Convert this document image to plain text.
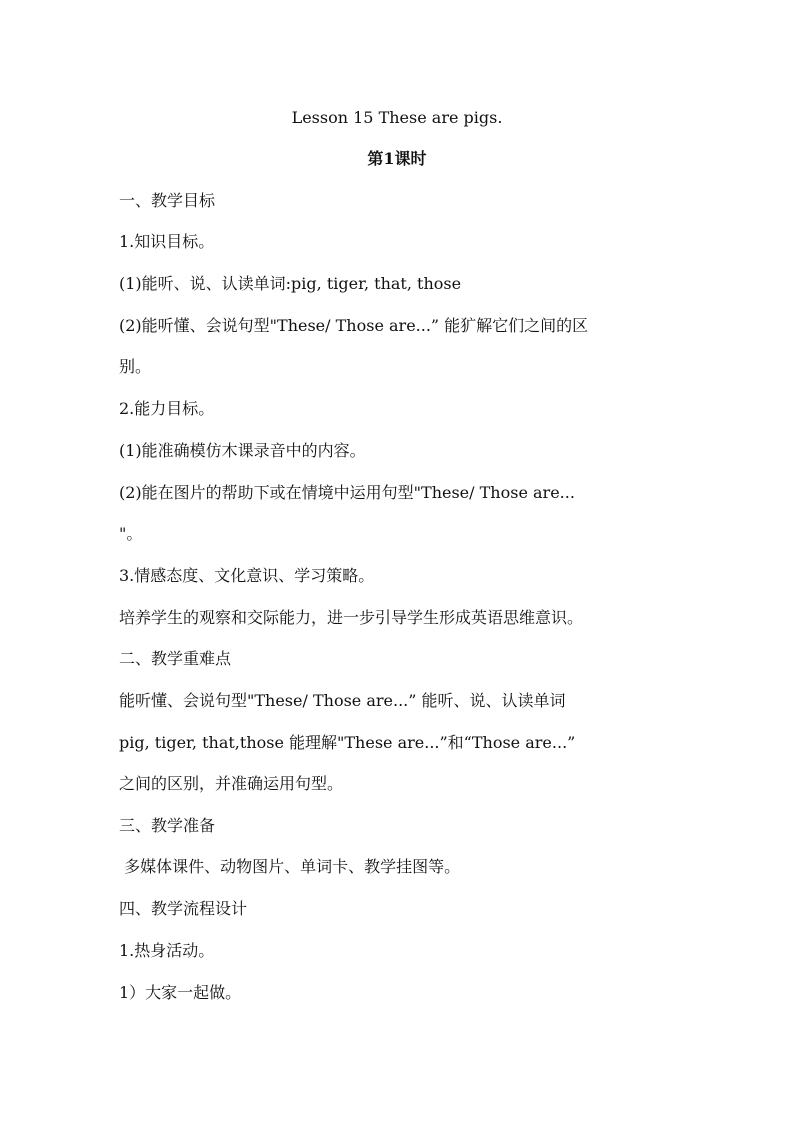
Lesson 15 These are pigs.
第1课时
一、教学目标
1.知识目标。
(1)能听、说、认读单词:pig, tiger, that, those
(2)能听懂、会说句型"These/ Those are...” 能犷解它们之间的区
别。
2.能力目标。
(1)能准确模仿木课录音中的内容。
(2)能在图片的帮助下或在情境中运用句型"These/ Those are...
"。
3.情感态度、文化意识、学习策略。
培养学生的观察和交际能力，进一步引导学生形成英语思维意识。
二、教学重难点
能听懂、会说句型"These/ Those are...” 能听、说、认读单词
pig, tiger, that,those 能理解"These are...”和“Those are...”
之间的区别，并准确运用句型。
三、教学准备
多媒体课件、动物图片、单词卡、教学挂图等。
四、教学流程设计
1.热身活动。
1）大家一起做。
